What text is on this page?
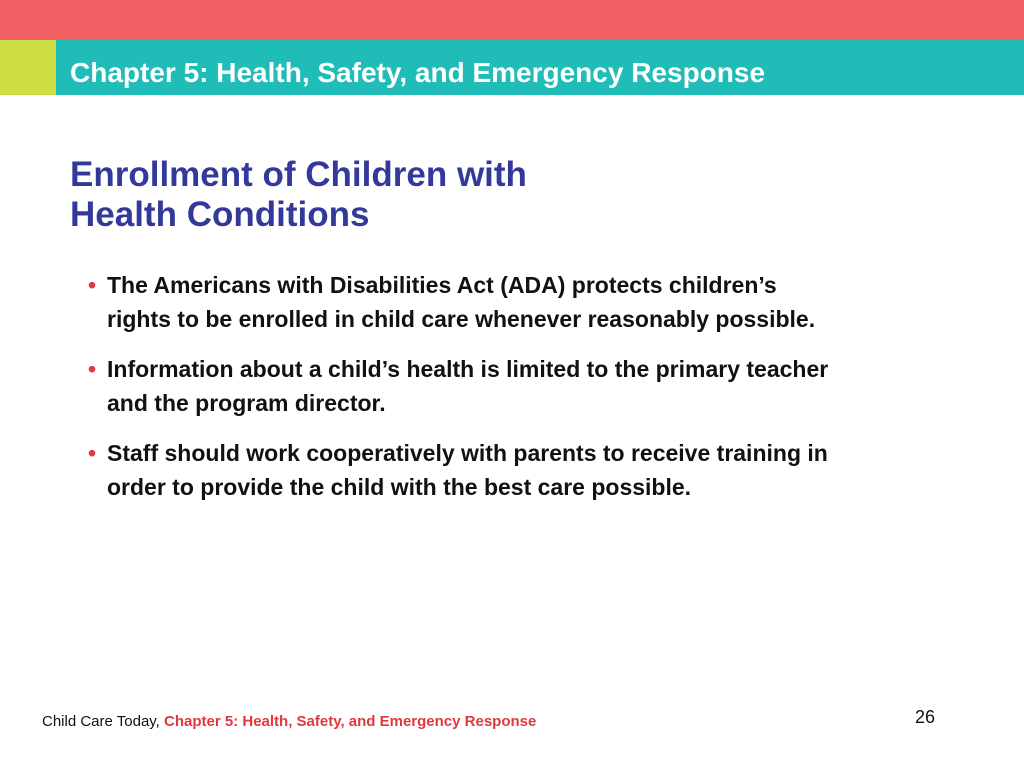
Chapter 5: Health, Safety, and Emergency Response
Enrollment of Children with
Health Conditions
• The Americans with Disabilities Act (ADA) protects children’s rights to be enrolled in child care whenever reasonably possible.
• Information about a child’s health is limited to the primary teacher and the program director.
• Staff should work cooperatively with parents to receive training in order to provide the child with the best care possible.
Child Care Today, Chapter 5: Health, Safety, and Emergency Response	26
